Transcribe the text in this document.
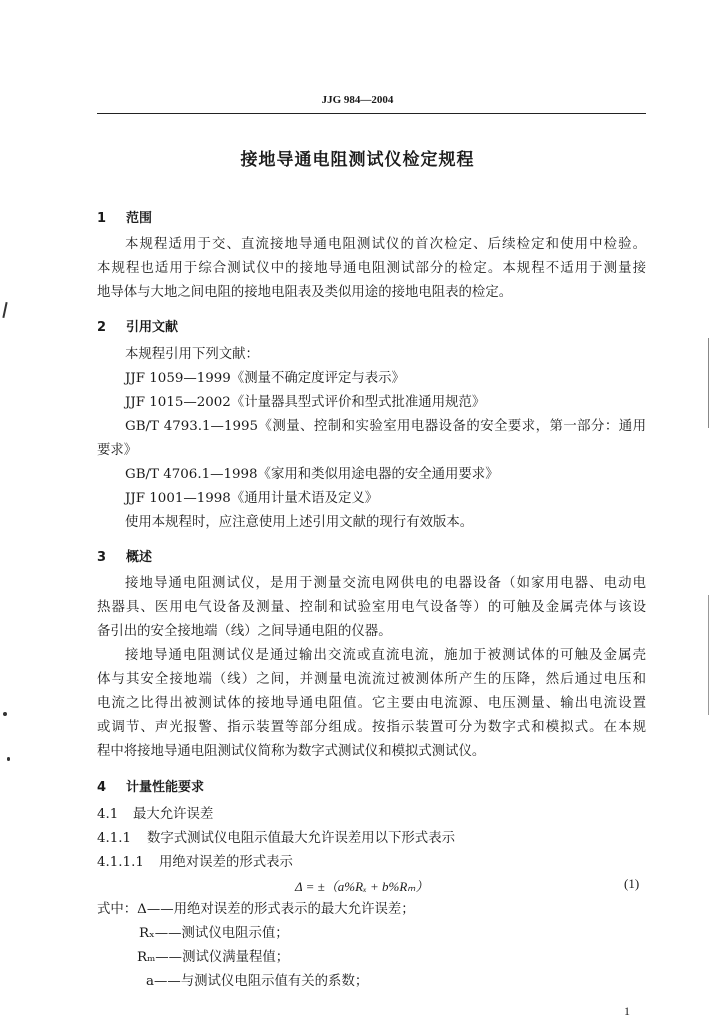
JJG 984—2004
接地导通电阻测试仪检定规程
1 范围
本规程适用于交、直流接地导通电阻测试仪的首次检定、后续检定和使用中检验。
本规程也适用于综合测试仪中的接地导通电阻测试部分的检定。本规程不适用于测量接
地导体与大地之间电阻的接地电阻表及类似用途的接地电阻表的检定。
2 引用文献
本规程引用下列文献：
JJF 1059—1999《测量不确定度评定与表示》
JJF 1015—2002《计量器具型式评价和型式批准通用规范》
GB/T 4793.1—1995《测量、控制和实验室用电器设备的安全要求，第一部分：通用
要求》
GB/T 4706.1—1998《家用和类似用途电器的安全通用要求》
JJF 1001—1998《通用计量术语及定义》
使用本规程时，应注意使用上述引用文献的现行有效版本。
3 概述
接地导通电阻测试仪，是用于测量交流电网供电的电器设备（如家用电器、电动电
热器具、医用电气设备及测量、控制和试验室用电气设备等）的可触及金属壳体与该设
备引出的安全接地端（线）之间导通电阻的仪器。
接地导通电阻测试仪是通过输出交流或直流电流，施加于被测试体的可触及金属壳
体与其安全接地端（线）之间，并测量电流流过被测体所产生的压降，然后通过电压和
电流之比得出被测试体的接地导通电阻值。它主要由电流源、电压测量、输出电流设置
或调节、声光报警、指示装置等部分组成。按指示装置可分为数字式和模拟式。在本规
程中将接地导通电阻测试仪简称为数字式测试仪和模拟式测试仪。
4 计量性能要求
4.1 最大允许误差
4.1.1 数字式测试仪电阻示值最大允许误差用以下形式表示
4.1.1.1 用绝对误差的形式表示
Δ = ±（a%Rₓ + b%Rₘ）	(1)
式中：Δ——用绝对误差的形式表示的最大允许误差；
Rₓ——测试仪电阻示值；
Rₘ——测试仪满量程值；
a——与测试仪电阻示值有关的系数；
1
